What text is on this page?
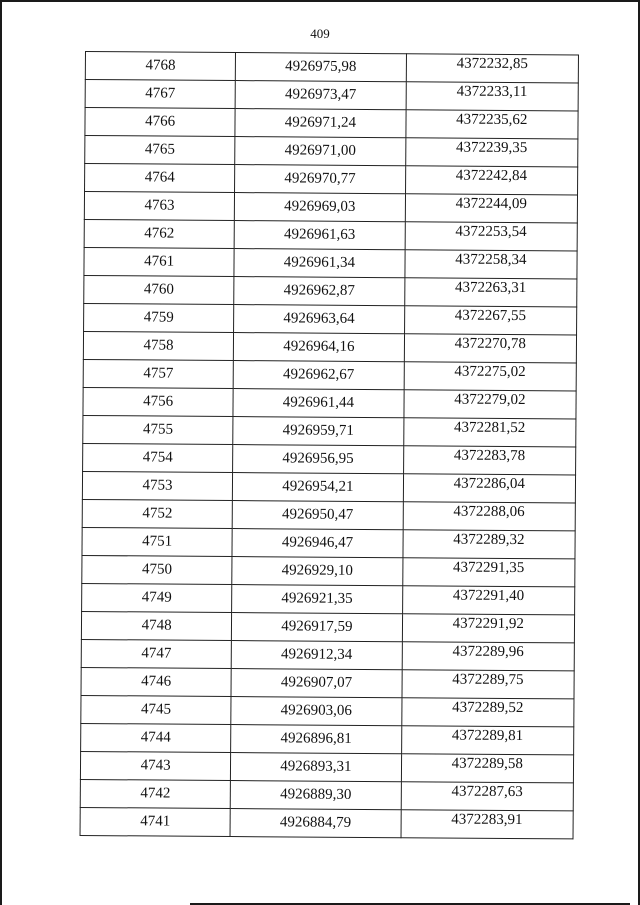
409
4768	4926975,98	4372232,85
4767	4926973,47	4372233,11
4766	4926971,24	4372235,62
4765	4926971,00	4372239,35
4764	4926970,77	4372242,84
4763	4926969,03	4372244,09
4762	4926961,63	4372253,54
4761	4926961,34	4372258,34
4760	4926962,87	4372263,31
4759	4926963,64	4372267,55
4758	4926964,16	4372270,78
4757	4926962,67	4372275,02
4756	4926961,44	4372279,02
4755	4926959,71	4372281,52
4754	4926956,95	4372283,78
4753	4926954,21	4372286,04
4752	4926950,47	4372288,06
4751	4926946,47	4372289,32
4750	4926929,10	4372291,35
4749	4926921,35	4372291,40
4748	4926917,59	4372291,92
4747	4926912,34	4372289,96
4746	4926907,07	4372289,75
4745	4926903,06	4372289,52
4744	4926896,81	4372289,81
4743	4926893,31	4372289,58
4742	4926889,30	4372287,63
4741	4926884,79	4372283,91
